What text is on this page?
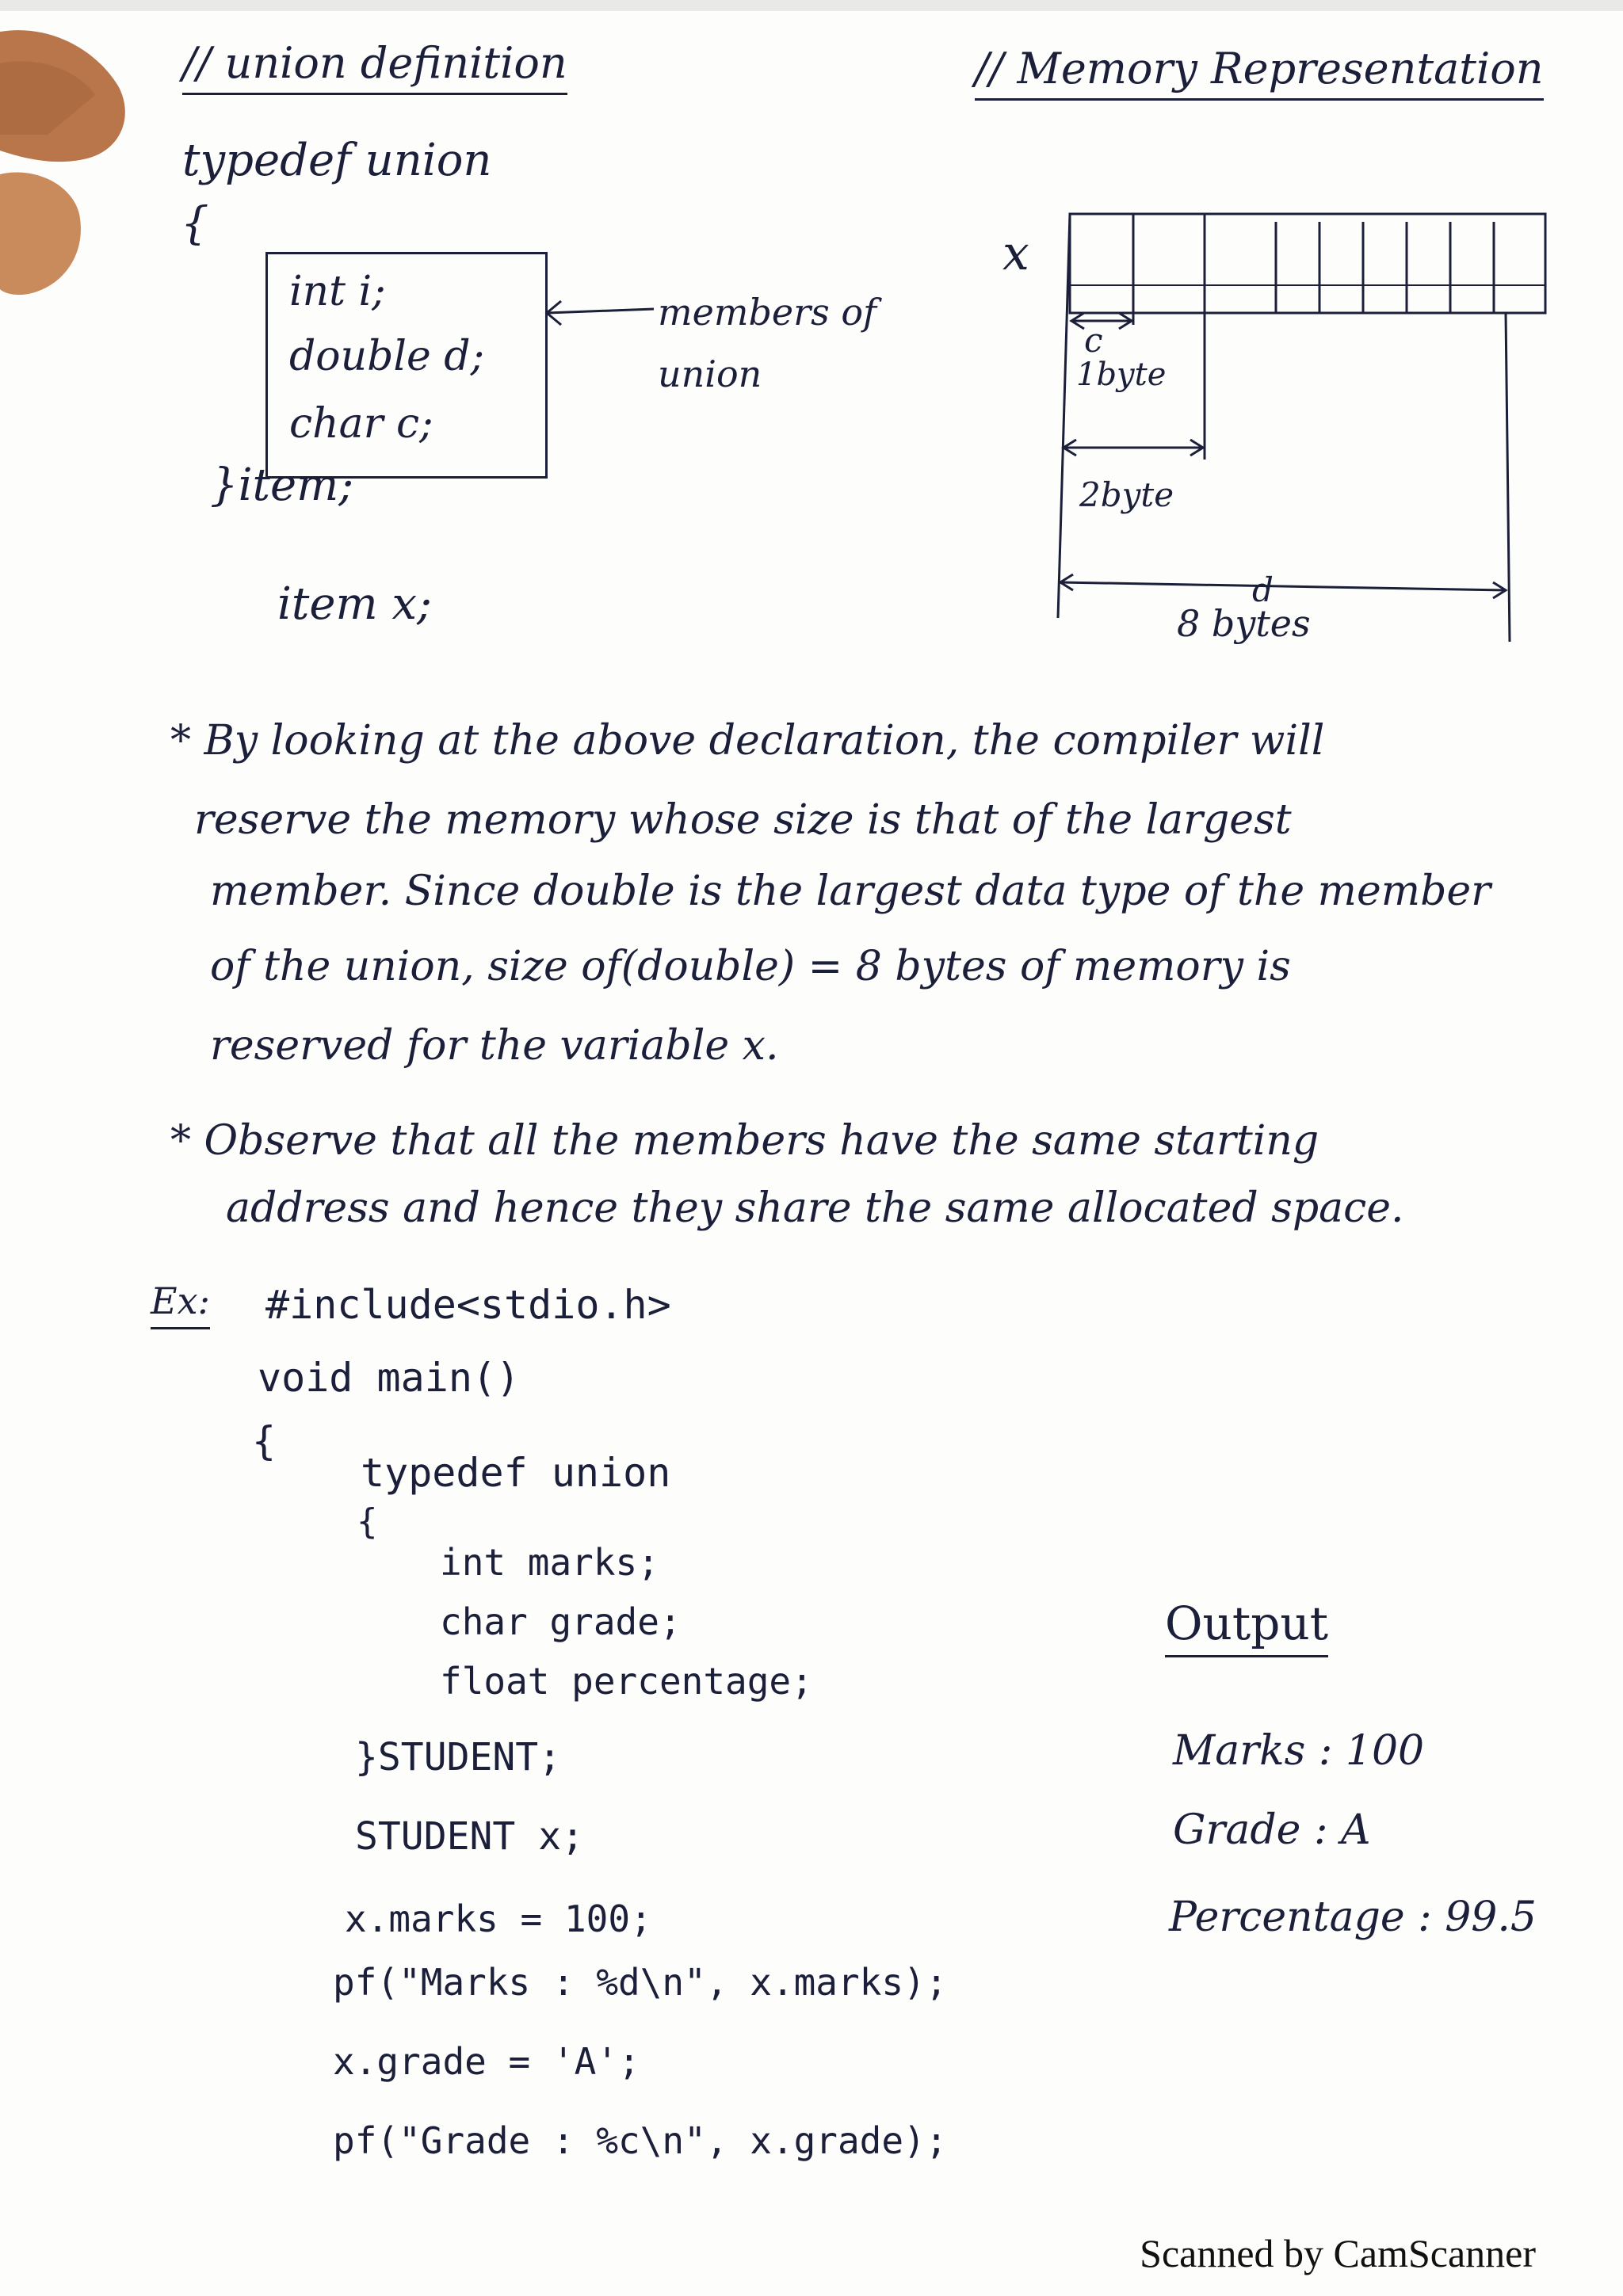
// union definition
typedef union
{
int i;
double d;
char c;
members of union
}item;
item x;
// Memory Representation
x
c
1byte
2byte
d
8 bytes
* By looking at the above declaration, the compiler will
reserve the memory whose size is that of the largest
member. Since double is the largest data type of the member
of the union, size of(double) = 8 bytes of memory is
reserved for the variable x.
* Observe that all the members have the same starting
address and hence they share the same allocated space.
Ex: #include<stdio.h>
void main()
{
typedef union
{
int marks;
char grade;
float percentage;
}STUDENT;
STUDENT x;
x.marks = 100;
pf("Marks : %d\n", x.marks);
x.grade = 'A';
pf("Grade : %c\n", x.grade);
Output
Marks : 100
Grade : A
Percentage : 99.5
Scanned by CamScanner
